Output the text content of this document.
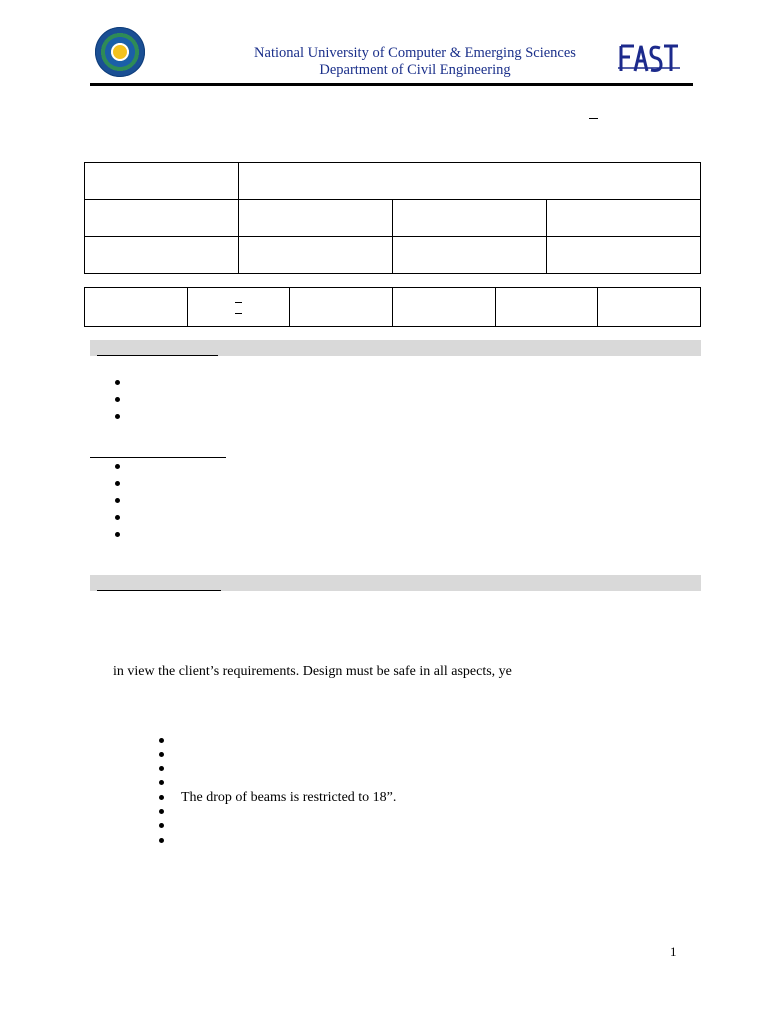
National University of Computer & Emerging Sciences
Department of Civil Engineering

in view the client’s requirements. Design must be safe in all aspects, ye
The drop of beams is restricted to 18”.
1
